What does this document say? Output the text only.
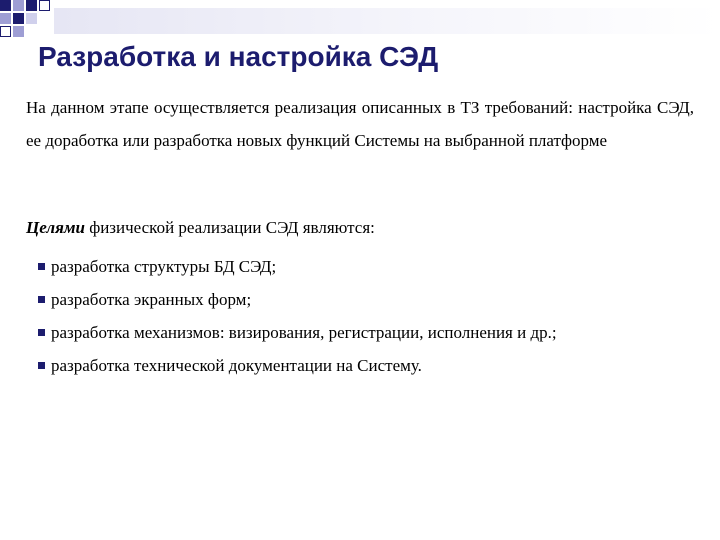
Разработка и настройка СЭД

На данном этапе осуществляется реализация описанных в ТЗ требований: настройка СЭД, ее доработка или разработка новых функций Системы на выбранной платформе

Целями физической реализации СЭД являются:

разработка структуры БД СЭД;
разработка экранных форм;
разработка механизмов: визирования, регистрации, исполнения и др.;
разработка технической документации на Систему.
